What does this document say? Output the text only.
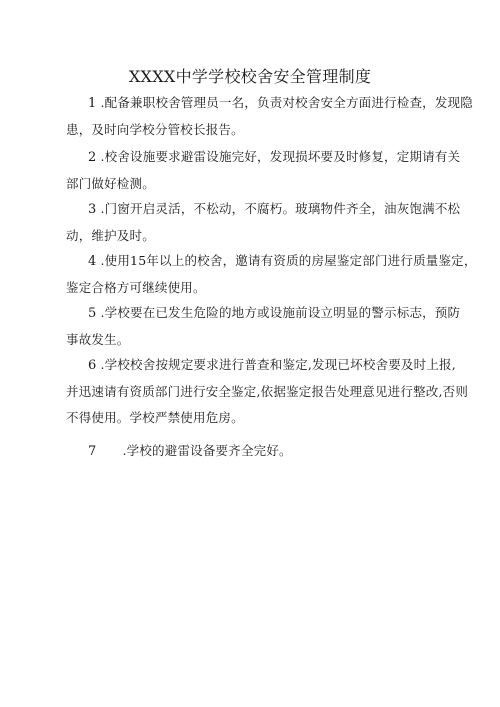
XXXX中学学校校舍安全管理制度
1 .配备兼职校舍管理员一名，负责对校舍安全方面进行检查，发现隐
患，及时向学校分管校长报告。
2 .校舍设施要求避雷设施完好，发现损坏要及时修复，定期请有关
部门做好检测。
3 .门窗开启灵活，不松动，不腐朽。玻璃物件齐全，油灰饱满不松
动，维护及时。
4 .使用15年以上的校舍，邀请有资质的房屋鉴定部门进行质量鉴定，
鉴定合格方可继续使用。
5 .学校要在已发生危险的地方或设施前设立明显的警示标志，预防
事故发生。
6 .学校校舍按规定要求进行普查和鉴定,发现已坏校舍要及时上报,
并迅速请有资质部门进行安全鉴定,依据鉴定报告处理意见进行整改,否则
不得使用。学校严禁使用危房。
7 .学校的避雷设备要齐全完好。
